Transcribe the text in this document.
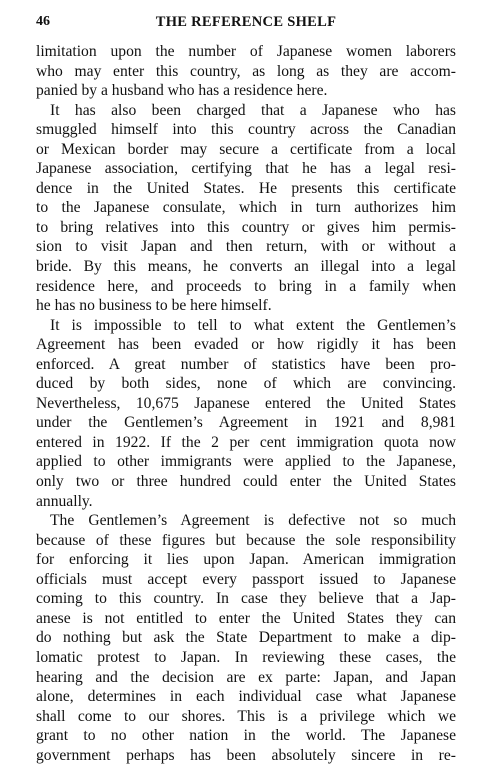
46	THE REFERENCE SHELF
limitation upon the number of Japanese women laborers
who may enter this country, as long as they are accom-
panied by a husband who has a residence here.
It has also been charged that a Japanese who has
smuggled himself into this country across the Canadian
or Mexican border may secure a certificate from a local
Japanese association, certifying that he has a legal resi-
dence in the United States. He presents this certificate
to the Japanese consulate, which in turn authorizes him
to bring relatives into this country or gives him permis-
sion to visit Japan and then return, with or without a
bride. By this means, he converts an illegal into a legal
residence here, and proceeds to bring in a family when
he has no business to be here himself.
It is impossible to tell to what extent the Gentlemen’s
Agreement has been evaded or how rigidly it has been
enforced. A great number of statistics have been pro-
duced by both sides, none of which are convincing.
Nevertheless, 10,675 Japanese entered the United States
under the Gentlemen’s Agreement in 1921 and 8,981
entered in 1922. If the 2 per cent immigration quota now
applied to other immigrants were applied to the Japanese,
only two or three hundred could enter the United States
annually.
The Gentlemen’s Agreement is defective not so much
because of these figures but because the sole responsibility
for enforcing it lies upon Japan. American immigration
officials must accept every passport issued to Japanese
coming to this country. In case they believe that a Jap-
anese is not entitled to enter the United States they can
do nothing but ask the State Department to make a dip-
lomatic protest to Japan. In reviewing these cases, the
hearing and the decision are ex parte: Japan, and Japan
alone, determines in each individual case what Japanese
shall come to our shores. This is a privilege which we
grant to no other nation in the world. The Japanese
government perhaps has been absolutely sincere in re-
